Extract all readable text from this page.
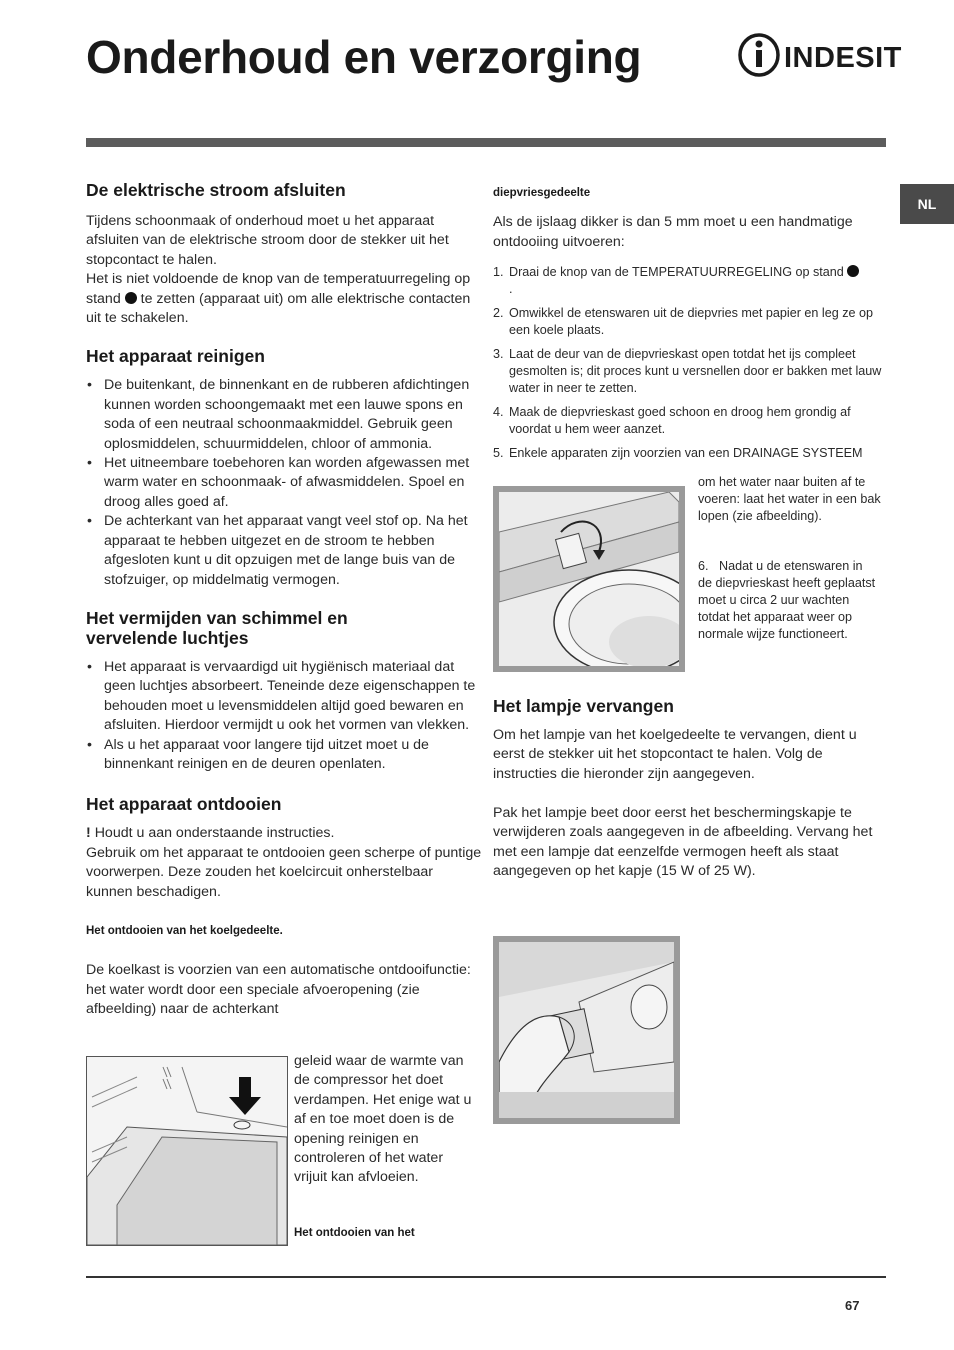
Onderhoud en verzorging	INDESIT
NL
De elektrische stroom afsluiten

Tijdens schoonmaak of onderhoud moet u het apparaat afsluiten van de elektrische stroom door de stekker uit het stopcontact te halen.

Het is niet voldoende de knop van de temperatuurregeling op stand te zetten (apparaat uit) om alle elektrische contacten uit te schakelen.

Het apparaat reinigen
• De buitenkant, de binnenkant en de rubberen afdichtingen kunnen worden schoongemaakt met een lauwe spons en soda of een neutraal schoonmaakmiddel. Gebruik geen oplosmiddelen, schuurmiddelen, chloor of ammonia.
• Het uitneembare toebehoren kan worden afgewassen met warm water en schoonmaak- of afwasmiddelen. Spoel en droog alles goed af.
• De achterkant van het apparaat vangt veel stof op. Na het apparaat te hebben uitgezet en de stroom te hebben afgesloten kunt u dit opzuigen met de lange buis van de stofzuiger, op middelmatig vermogen.
Het vermijden van schimmel en
vervelende luchtjes
• Het apparaat is vervaardigd uit hygiënisch materiaal dat geen luchtjes absorbeert. Teneinde deze eigenschappen te behouden moet u levensmiddelen altijd goed bewaren en afsluiten. Hierdoor vermijdt u ook het vormen van vlekken.
• Als u het apparaat voor langere tijd uitzet moet u de binnenkant reinigen en de deuren openlaten.
Het apparaat ontdooien

! Houdt u aan onderstaande instructies.

Gebruik om het apparaat te ontdooien geen scherpe of puntige voorwerpen. Deze zouden het koelcircuit onherstelbaar kunnen beschadigen.

Het ontdooien van het koelgedeelte.

De koelkast is voorzien van een automatische ontdooifunctie: het water wordt door een speciale afvoeropening (zie afbeelding) naar de achterkant

geleid waar de warmte van de compressor het doet verdampen. Het enige wat u af en toe moet doen is de opening reinigen en controleren of het water vrijuit kan afvloeien.

Het ontdooien van het

diepvriesgedeelte

Als de ijslaag dikker is dan 5 mm moet u een handmatige ontdooiing uitvoeren:

1. Draai de knop van de TEMPERATUURREGELING op stand
.
2. Omwikkel de etenswaren uit de diepvries met papier en leg ze op een koele plaats.
3. Laat de deur van de diepvrieskast open totdat het ijs compleet gesmolten is; dit proces kunt u versnellen door er bakken met lauw water in neer te zetten.
4. Maak de diepvrieskast goed schoon en droog hem grondig af voordat u hem weer aanzet.
5. Enkele apparaten zijn voorzien van een DRAINAGE SYSTEEM

om het water naar buiten af te voeren: laat het water in een bak lopen (zie afbeelding).

6.   Nadat u de etenswaren in de diepvrieskast heeft geplaatst moet u circa 2 uur wachten totdat het apparaat weer op normale wijze functioneert.

Het lampje vervangen

Om het lampje van het koelgedeelte te vervangen, dient u eerst de stekker uit het stopcontact te halen. Volg de instructies die hieronder zijn aangegeven.

Pak het lampje beet door eerst het beschermingskapje te verwijderen zoals aangegeven in de afbeelding. Vervang het met een lampje dat eenzelfde vermogen heeft als staat aangegeven op het kapje (15 W of 25 W).

67
